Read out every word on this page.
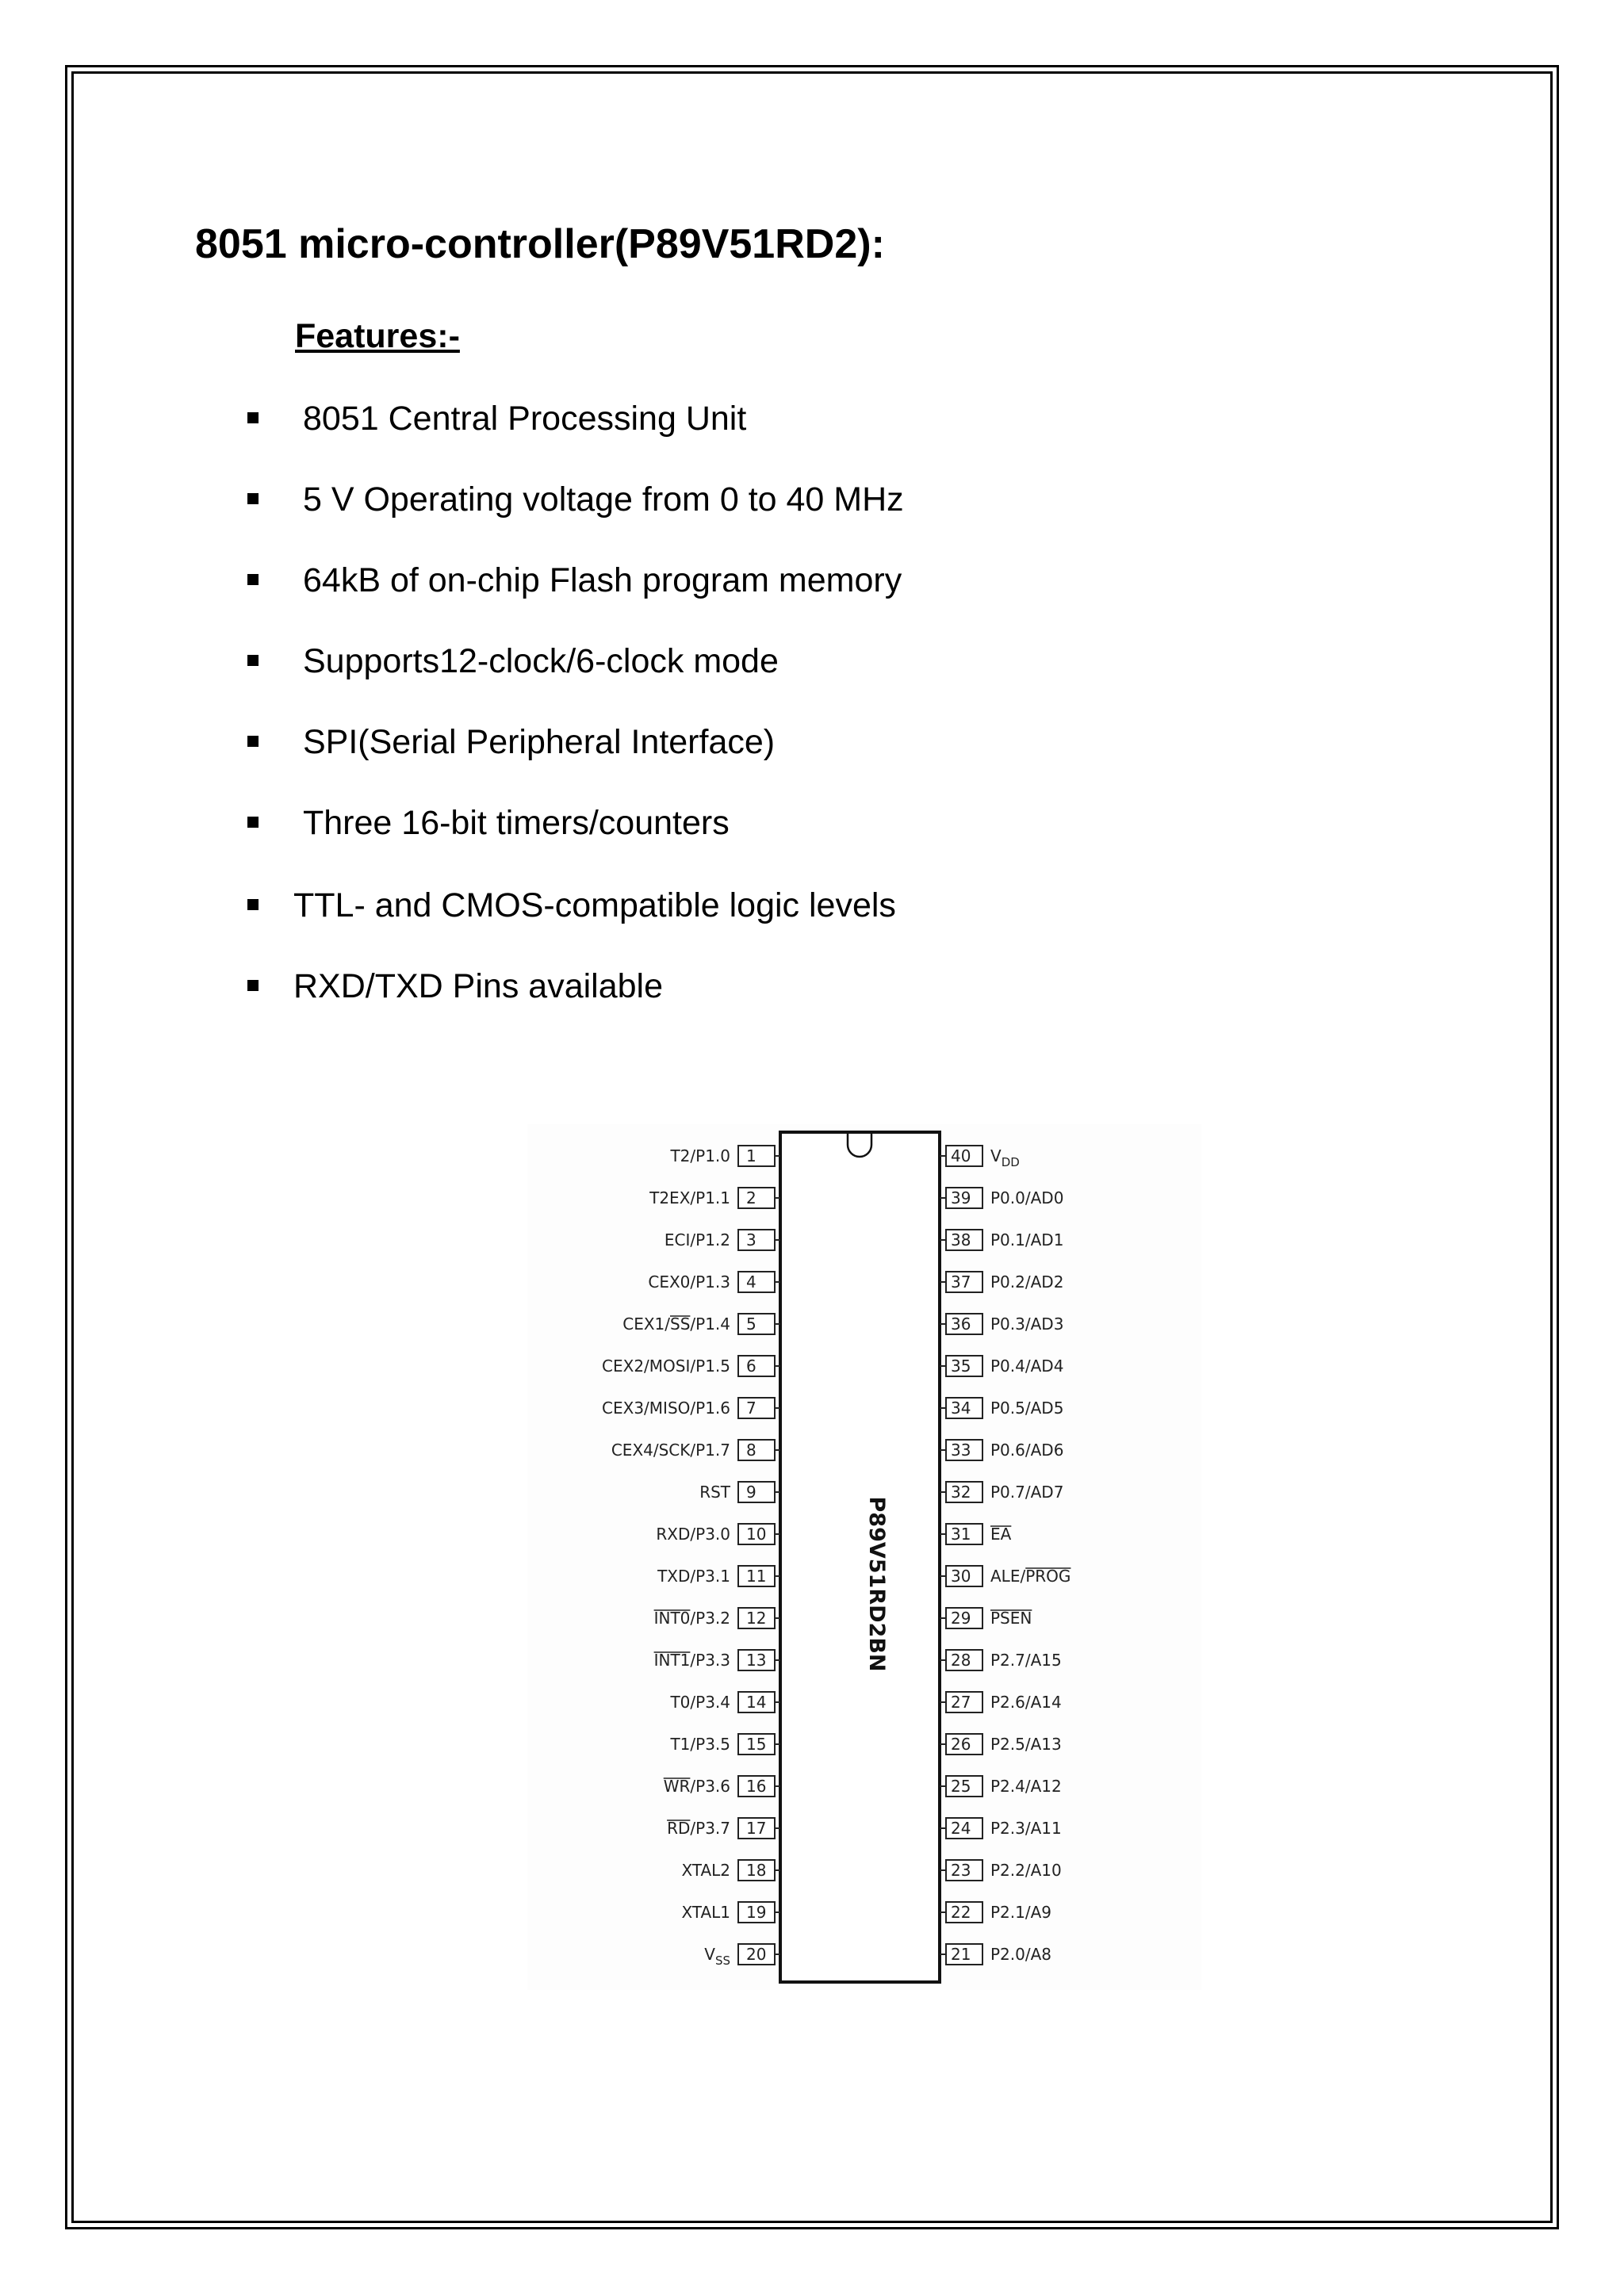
8051 micro-controller(P89V51RD2):
Features:-
8051 Central Processing Unit
5 V Operating voltage from 0 to 40 MHz
64kB of on-chip Flash program memory
Supports12-clock/6-clock mode
SPI(Serial Peripheral Interface)
Three 16-bit timers/counters
TTL- and CMOS-compatible logic levels
RXD/TXD Pins available
P89V51RD2BN
1
T2/P1.0
2
T2EX/P1.1
3
ECI/P1.2
4
CEX0/P1.3
5
CEX1/SS/P1.4
6
CEX2/MOSI/P1.5
7
CEX3/MISO/P1.6
8
CEX4/SCK/P1.7
9
RST
10
RXD/P3.0
11
TXD/P3.1
12
INT0/P3.2
13
INT1/P3.3
14
T0/P3.4
15
T1/P3.5
16
WR/P3.6
17
RD/P3.7
18
XTAL2
19
XTAL1
20
$V_{SS}$
40 $V_{DD}$
39 P0.0/AD0
38 P0.1/AD1
37 P0.2/AD2
36 P0.3/AD3
35 P0.4/AD4
34 P0.5/AD5
33 P0.6/AD6
32 P0.7/AD7
31 EA
30 ALE/PROG
29 PSEN
28 P2.7/A15
27 P2.6/A14
26 P2.5/A13
25 P2.4/A12
24 P2.3/A11
23 P2.2/A10
22 P2.1/A9
21 P2.0/A8
